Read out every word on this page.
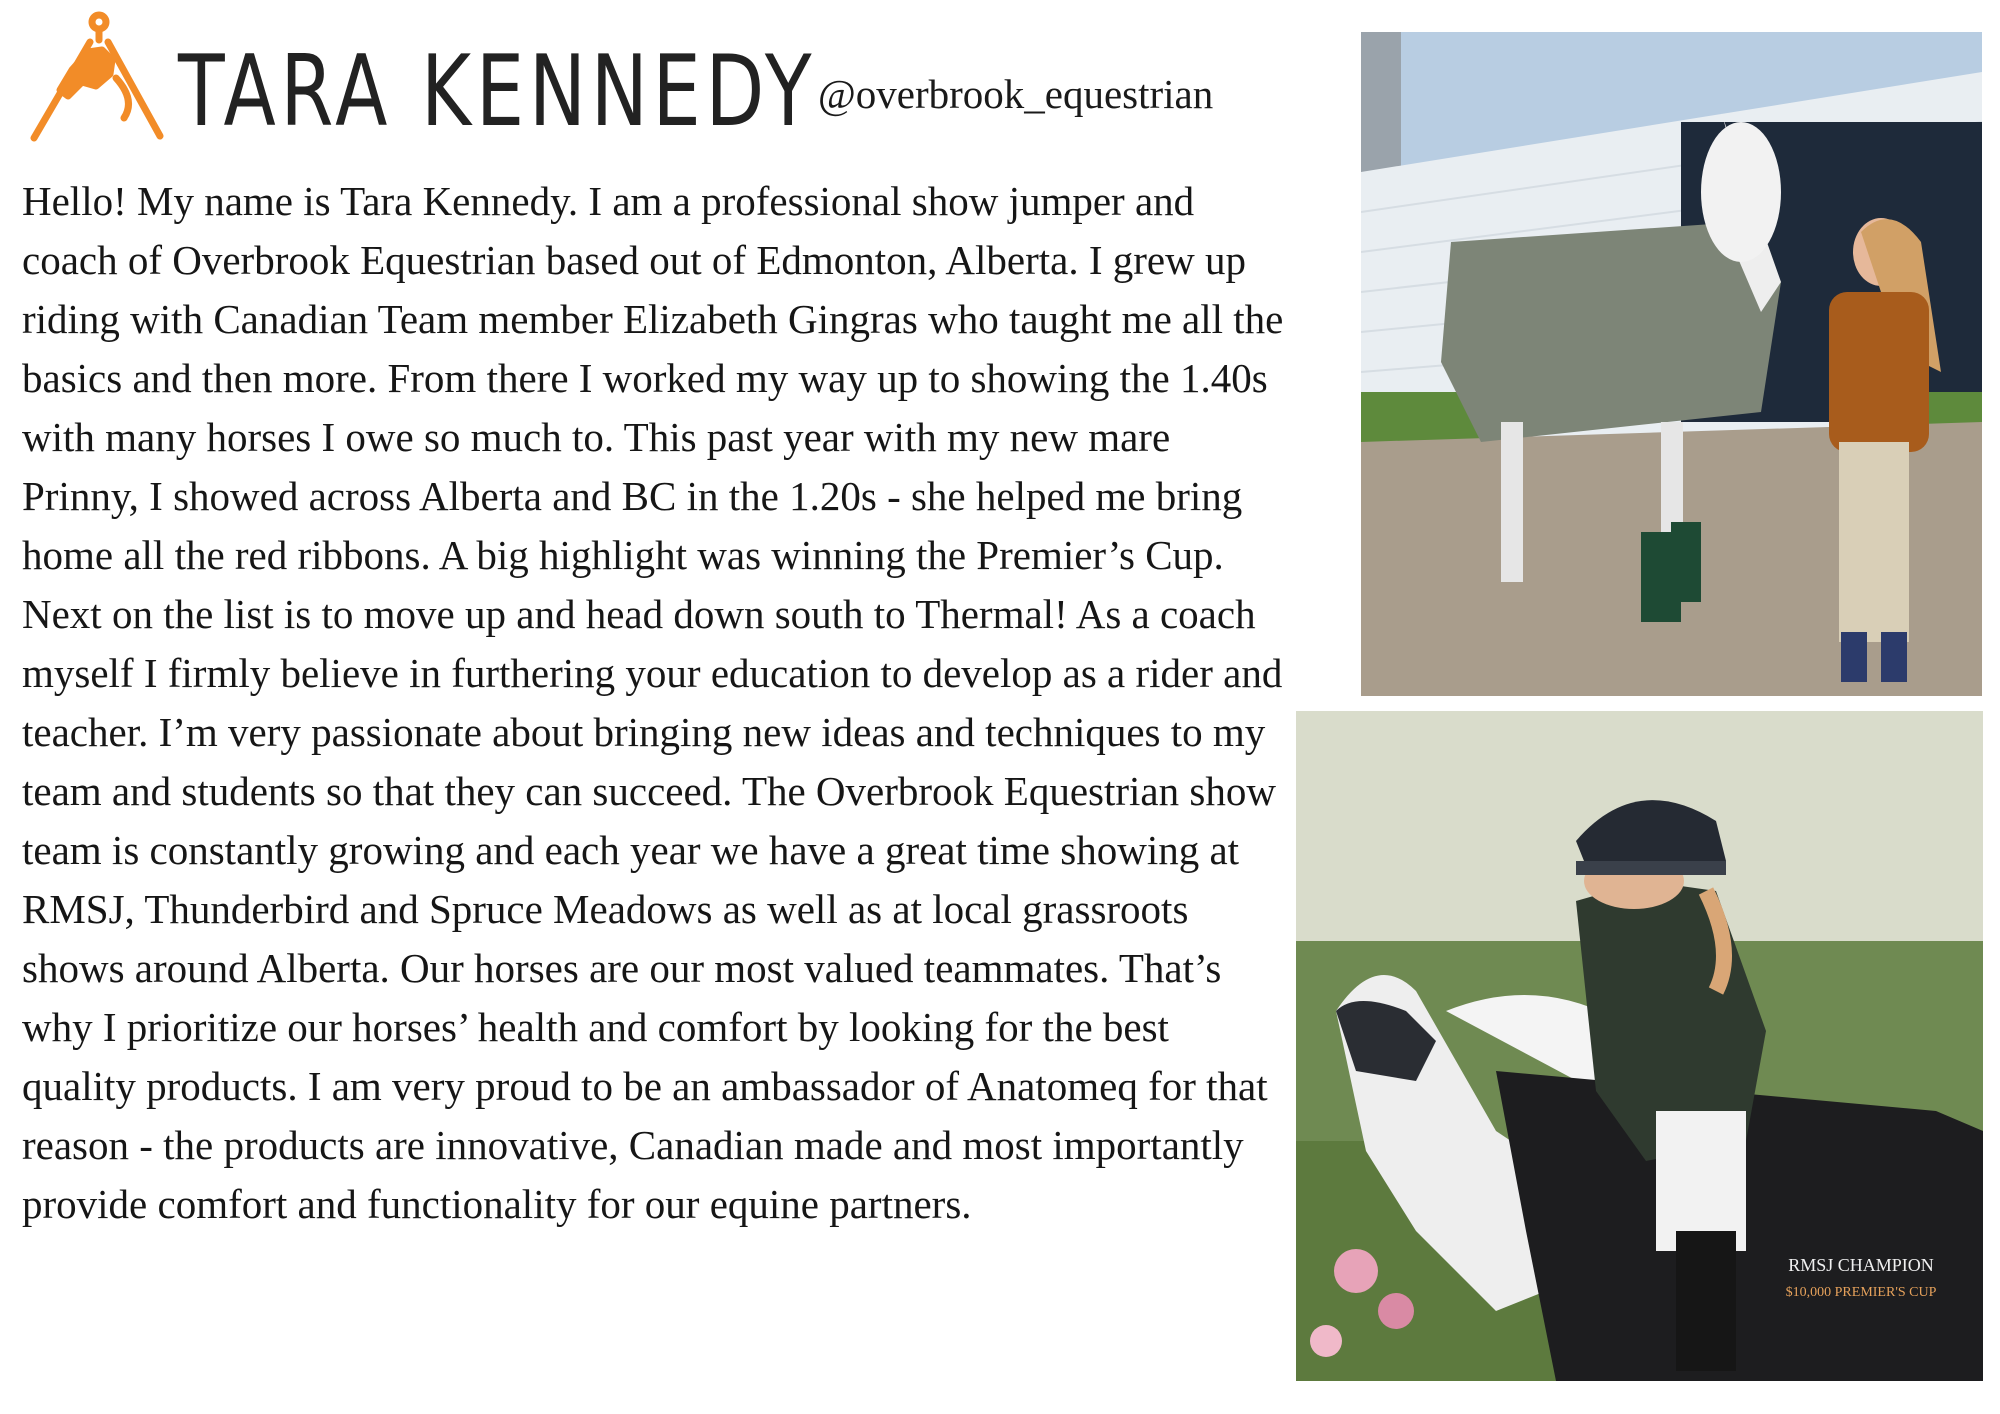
TARA KENNEDY @overbrook_equestrian

Hello! My name is Tara Kennedy. I am a professional show jumper and coach of Overbrook Equestrian based out of Edmonton, Alberta. I grew up riding with Canadian Team member Elizabeth Gingras who taught me all the basics and then more. From there I worked my way up to showing the 1.40s with many horses I owe so much to. This past year with my new mare Prinny, I showed across Alberta and BC in the 1.20s - she helped me bring home all the red ribbons. A big highlight was winning the Premier’s Cup. Next on the list is to move up and head down south to Thermal! As a coach myself I firmly believe in furthering your education to develop as a rider and teacher. I’m very passionate about bringing new ideas and techniques to my team and students so that they can succeed. The Overbrook Equestrian show team is constantly growing and each year we have a great time showing at RMSJ, Thunderbird and Spruce Meadows as well as at local grassroots shows around Alberta. Our horses are our most valued teammates. That’s why I prioritize our horses’ health and comfort by looking for the best quality products. I am very proud to be an ambassador of Anatomeq for that reason - the products are innovative, Canadian made and most importantly provide comfort and functionality for our equine partners.

RMSJ CHAMPION
$10,000 PREMIER'S CUP
